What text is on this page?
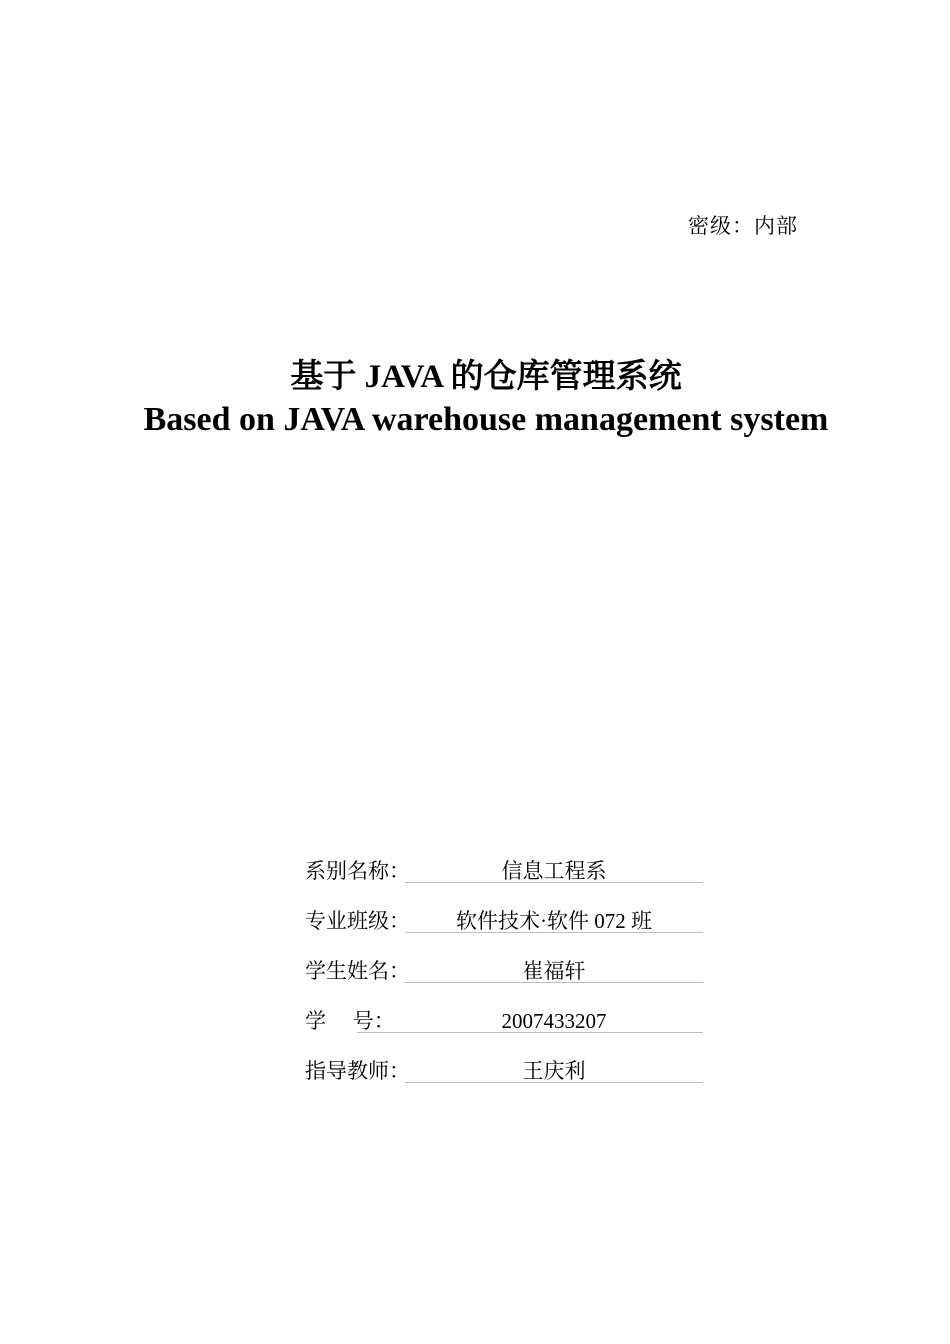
密级：内部
基于 JAVA 的仓库管理系统
Based on JAVA warehouse management system
系别名称：	信息工程系
专业班级：	软件技术·软件 072 班
学生姓名：	崔福轩
学    号：	2007433207
指导教师：	王庆利
